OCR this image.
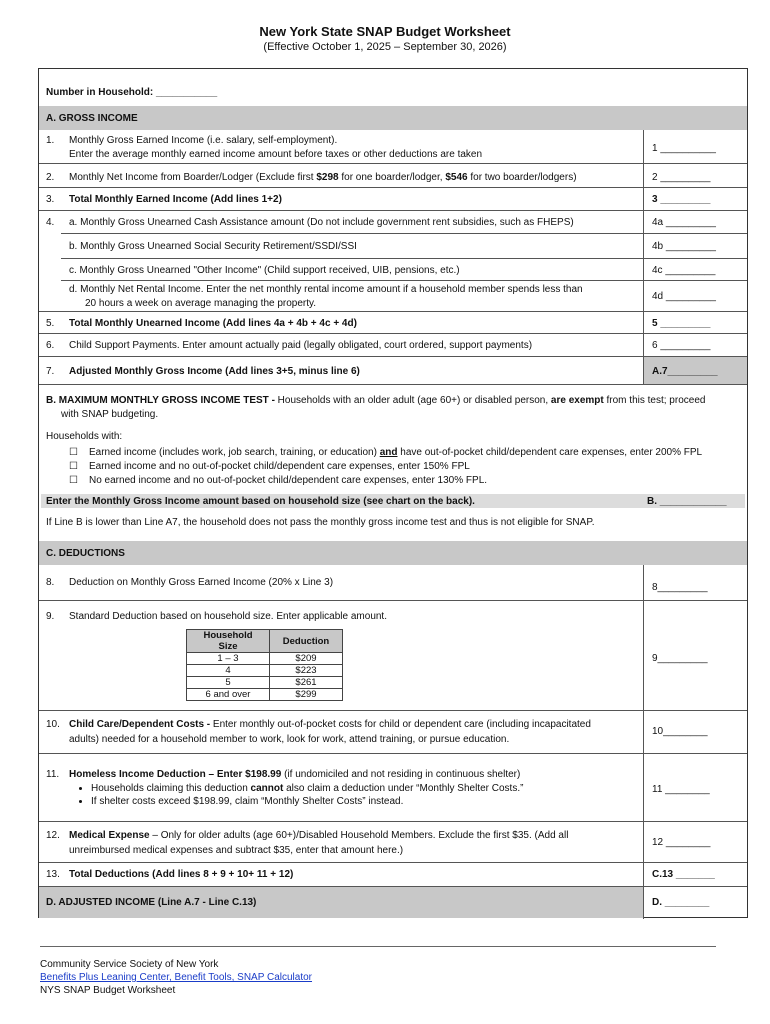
New York State SNAP Budget Worksheet
(Effective October 1, 2025 – September 30, 2026)
Number in Household: ___________
A. GROSS INCOME
1. Monthly Gross Earned Income (i.e. salary, self-employment).
Enter the average monthly earned income amount before taxes or other deductions are taken
1 __________
2. Monthly Net Income from Boarder/Lodger (Exclude first $298 for one boarder/lodger, $546 for two boarder/lodgers)	2 _________
3. Total Monthly Earned Income (Add lines 1+2)	3 _________
4. a. Monthly Gross Unearned Cash Assistance amount (Do not include government rent subsidies, such as FHEPS)	4a _________
b. Monthly Gross Unearned Social Security Retirement/SSDI/SSI	4b _________
c. Monthly Gross Unearned "Other Income" (Child support received, UIB, pensions, etc.)	4c _________
d. Monthly Net Rental Income. Enter the net monthly rental income amount if a household member spends less than
20 hours a week on average managing the property.
4d _________
5. Total Monthly Unearned Income (Add lines 4a + 4b + 4c + 4d)	5 _________
6. Child Support Payments. Enter amount actually paid (legally obligated, court ordered, support payments)	6 _________
7. Adjusted Monthly Gross Income (Add lines 3+5, minus line 6)	A.7_________
B. MAXIMUM MONTHLY GROSS INCOME TEST - Households with an older adult (age 60+) or disabled person, are exempt from this test; proceed
with SNAP budgeting.
Households with:
☐ Earned income (includes work, job search, training, or education) and have out-of-pocket child/dependent care expenses, enter 200% FPL
☐ Earned income and no out-of-pocket child/dependent care expenses, enter 150% FPL
☐ No earned income and no out-of-pocket child/dependent care expenses, enter 130% FPL.
Enter the Monthly Gross Income amount based on household size (see chart on the back).	B. ____________
If Line B is lower than Line A7, the household does not pass the monthly gross income test and thus is not eligible for SNAP.
C. DEDUCTIONS
8. Deduction on Monthly Gross Earned Income (20% x Line 3)	8_________
9. Standard Deduction based on household size. Enter applicable amount.
Household Size	Deduction
1 – 3	$209
4	$223
5	$261
6 and over	$299
9_________
10. Child Care/Dependent Costs - Enter monthly out-of-pocket costs for child or dependent care (including incapacitated
adults) needed for a household member to work, look for work, attend training, or pursue education.
10________
11. Homeless Income Deduction – Enter $198.99 (if undomiciled and not residing in continuous shelter)
• Households claiming this deduction cannot also claim a deduction under “Monthly Shelter Costs.”
• If shelter costs exceed $198.99, claim “Monthly Shelter Costs” instead.
11 ________
12. Medical Expense – Only for older adults (age 60+)/Disabled Household Members. Exclude the first $35. (Add all
unreimbursed medical expenses and subtract $35, enter that amount here.)
12 ________
13. Total Deductions (Add lines 8 + 9 + 10+ 11 + 12)	C.13 _______
D. ADJUSTED INCOME (Line A.7 - Line C.13)	D. ________
Community Service Society of New York
Benefits Plus Leaning Center, Benefit Tools, SNAP Calculator
NYS SNAP Budget Worksheet
